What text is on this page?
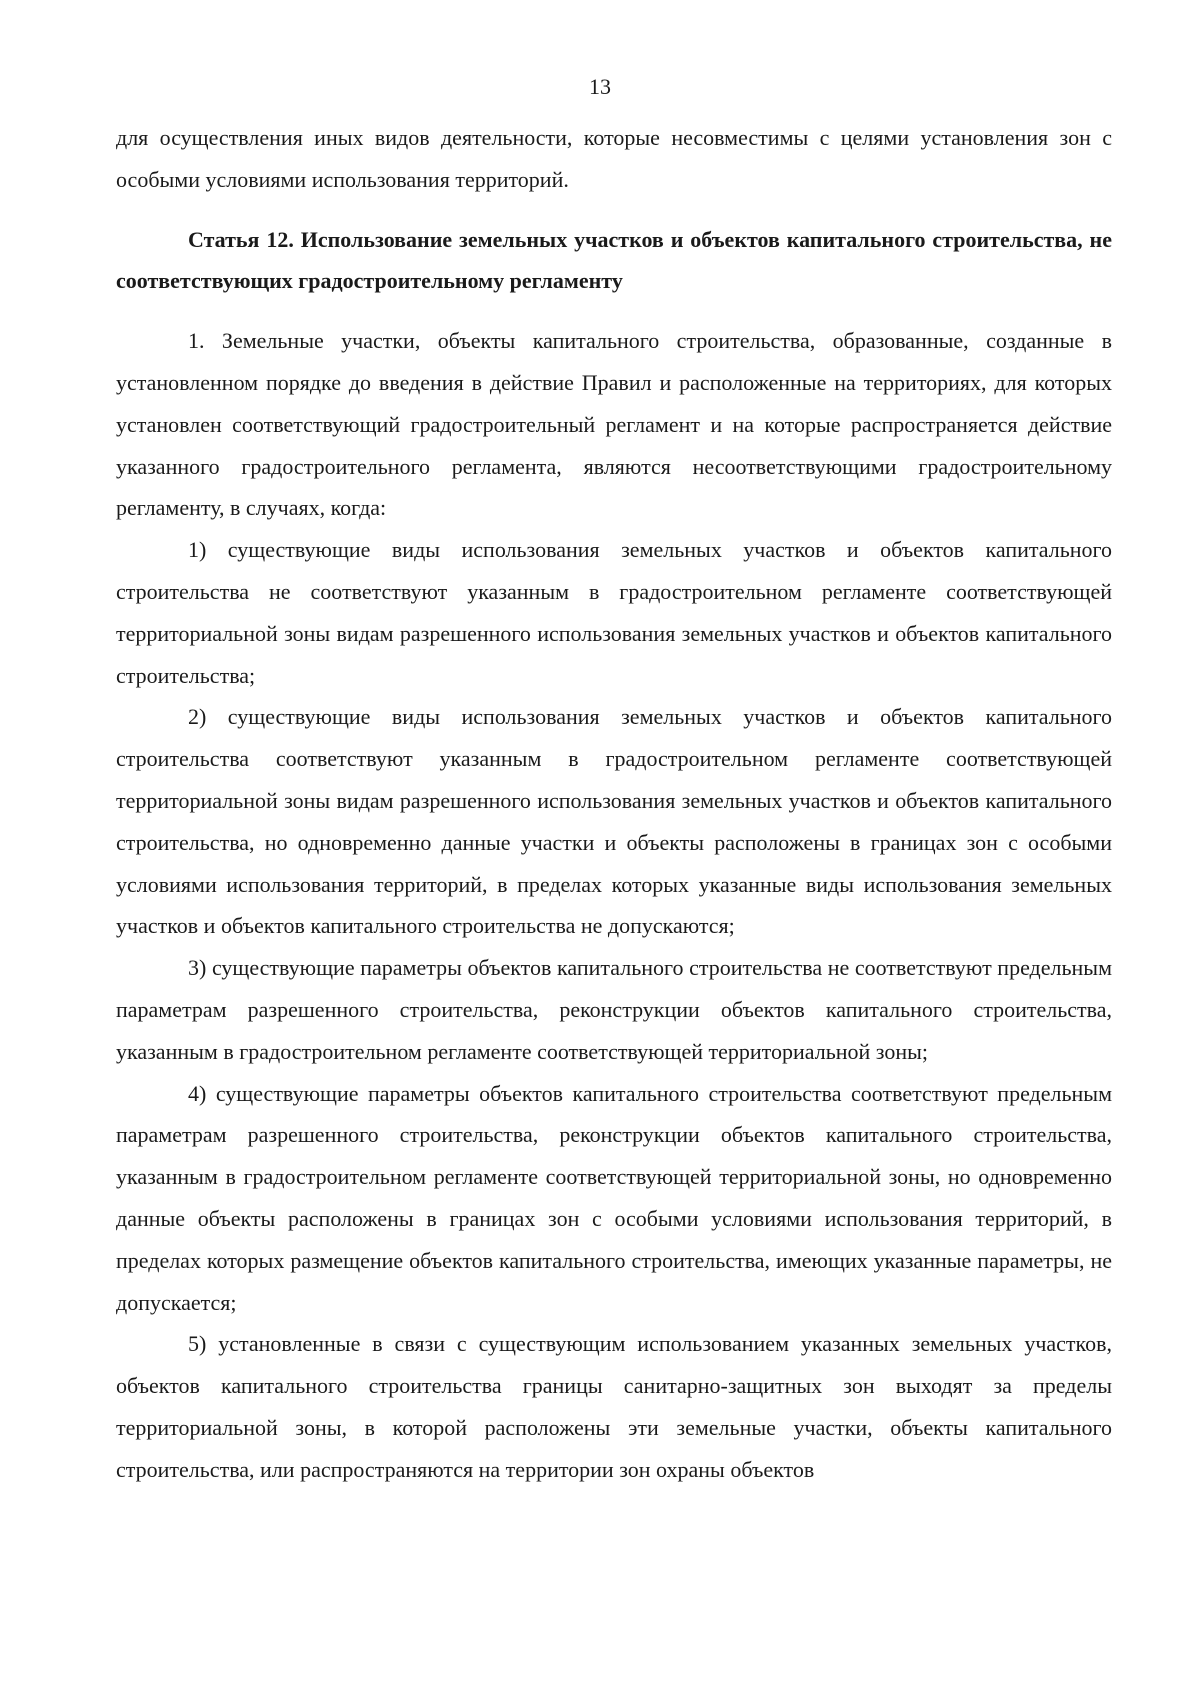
13

для осуществления иных видов деятельности, которые несовместимы с целями установления зон с особыми условиями использования территорий.

Статья 12. Использование земельных участков и объектов капитального строительства, не соответствующих градостроительному регламенту

1. Земельные участки, объекты капитального строительства, образованные, созданные в установленном порядке до введения в действие Правил и расположенные на территориях, для которых установлен соответствующий градостроительный регламент и на которые распространяется действие указанного градостроительного регламента, являются несоответствующими градостроительному регламенту, в случаях, когда:

1) существующие виды использования земельных участков и объектов капитального строительства не соответствуют указанным в градостроительном регламенте соответствующей территориальной зоны видам разрешенного использования земельных участков и объектов капитального строительства;

2) существующие виды использования земельных участков и объектов капитального строительства соответствуют указанным в градостроительном регламенте соответствующей территориальной зоны видам разрешенного использования земельных участков и объектов капитального строительства, но одновременно данные участки и объекты расположены в границах зон с особыми условиями использования территорий, в пределах которых указанные виды использования земельных участков и объектов капитального строительства не допускаются;

3) существующие параметры объектов капитального строительства не соответствуют предельным параметрам разрешенного строительства, реконструкции объектов капитального строительства, указанным в градостроительном регламенте соответствующей территориальной зоны;

4) существующие параметры объектов капитального строительства соответствуют предельным параметрам разрешенного строительства, реконструкции объектов капитального строительства, указанным в градостроительном регламенте соответствующей территориальной зоны, но одновременно данные объекты расположены в границах зон с особыми условиями использования территорий, в пределах которых размещение объектов капитального строительства, имеющих указанные параметры, не допускается;

5) установленные в связи с существующим использованием указанных земельных участков, объектов капитального строительства границы санитарно-защитных зон выходят за пределы территориальной зоны, в которой расположены эти земельные участки, объекты капитального строительства, или распространяются на территории зон охраны объектов
